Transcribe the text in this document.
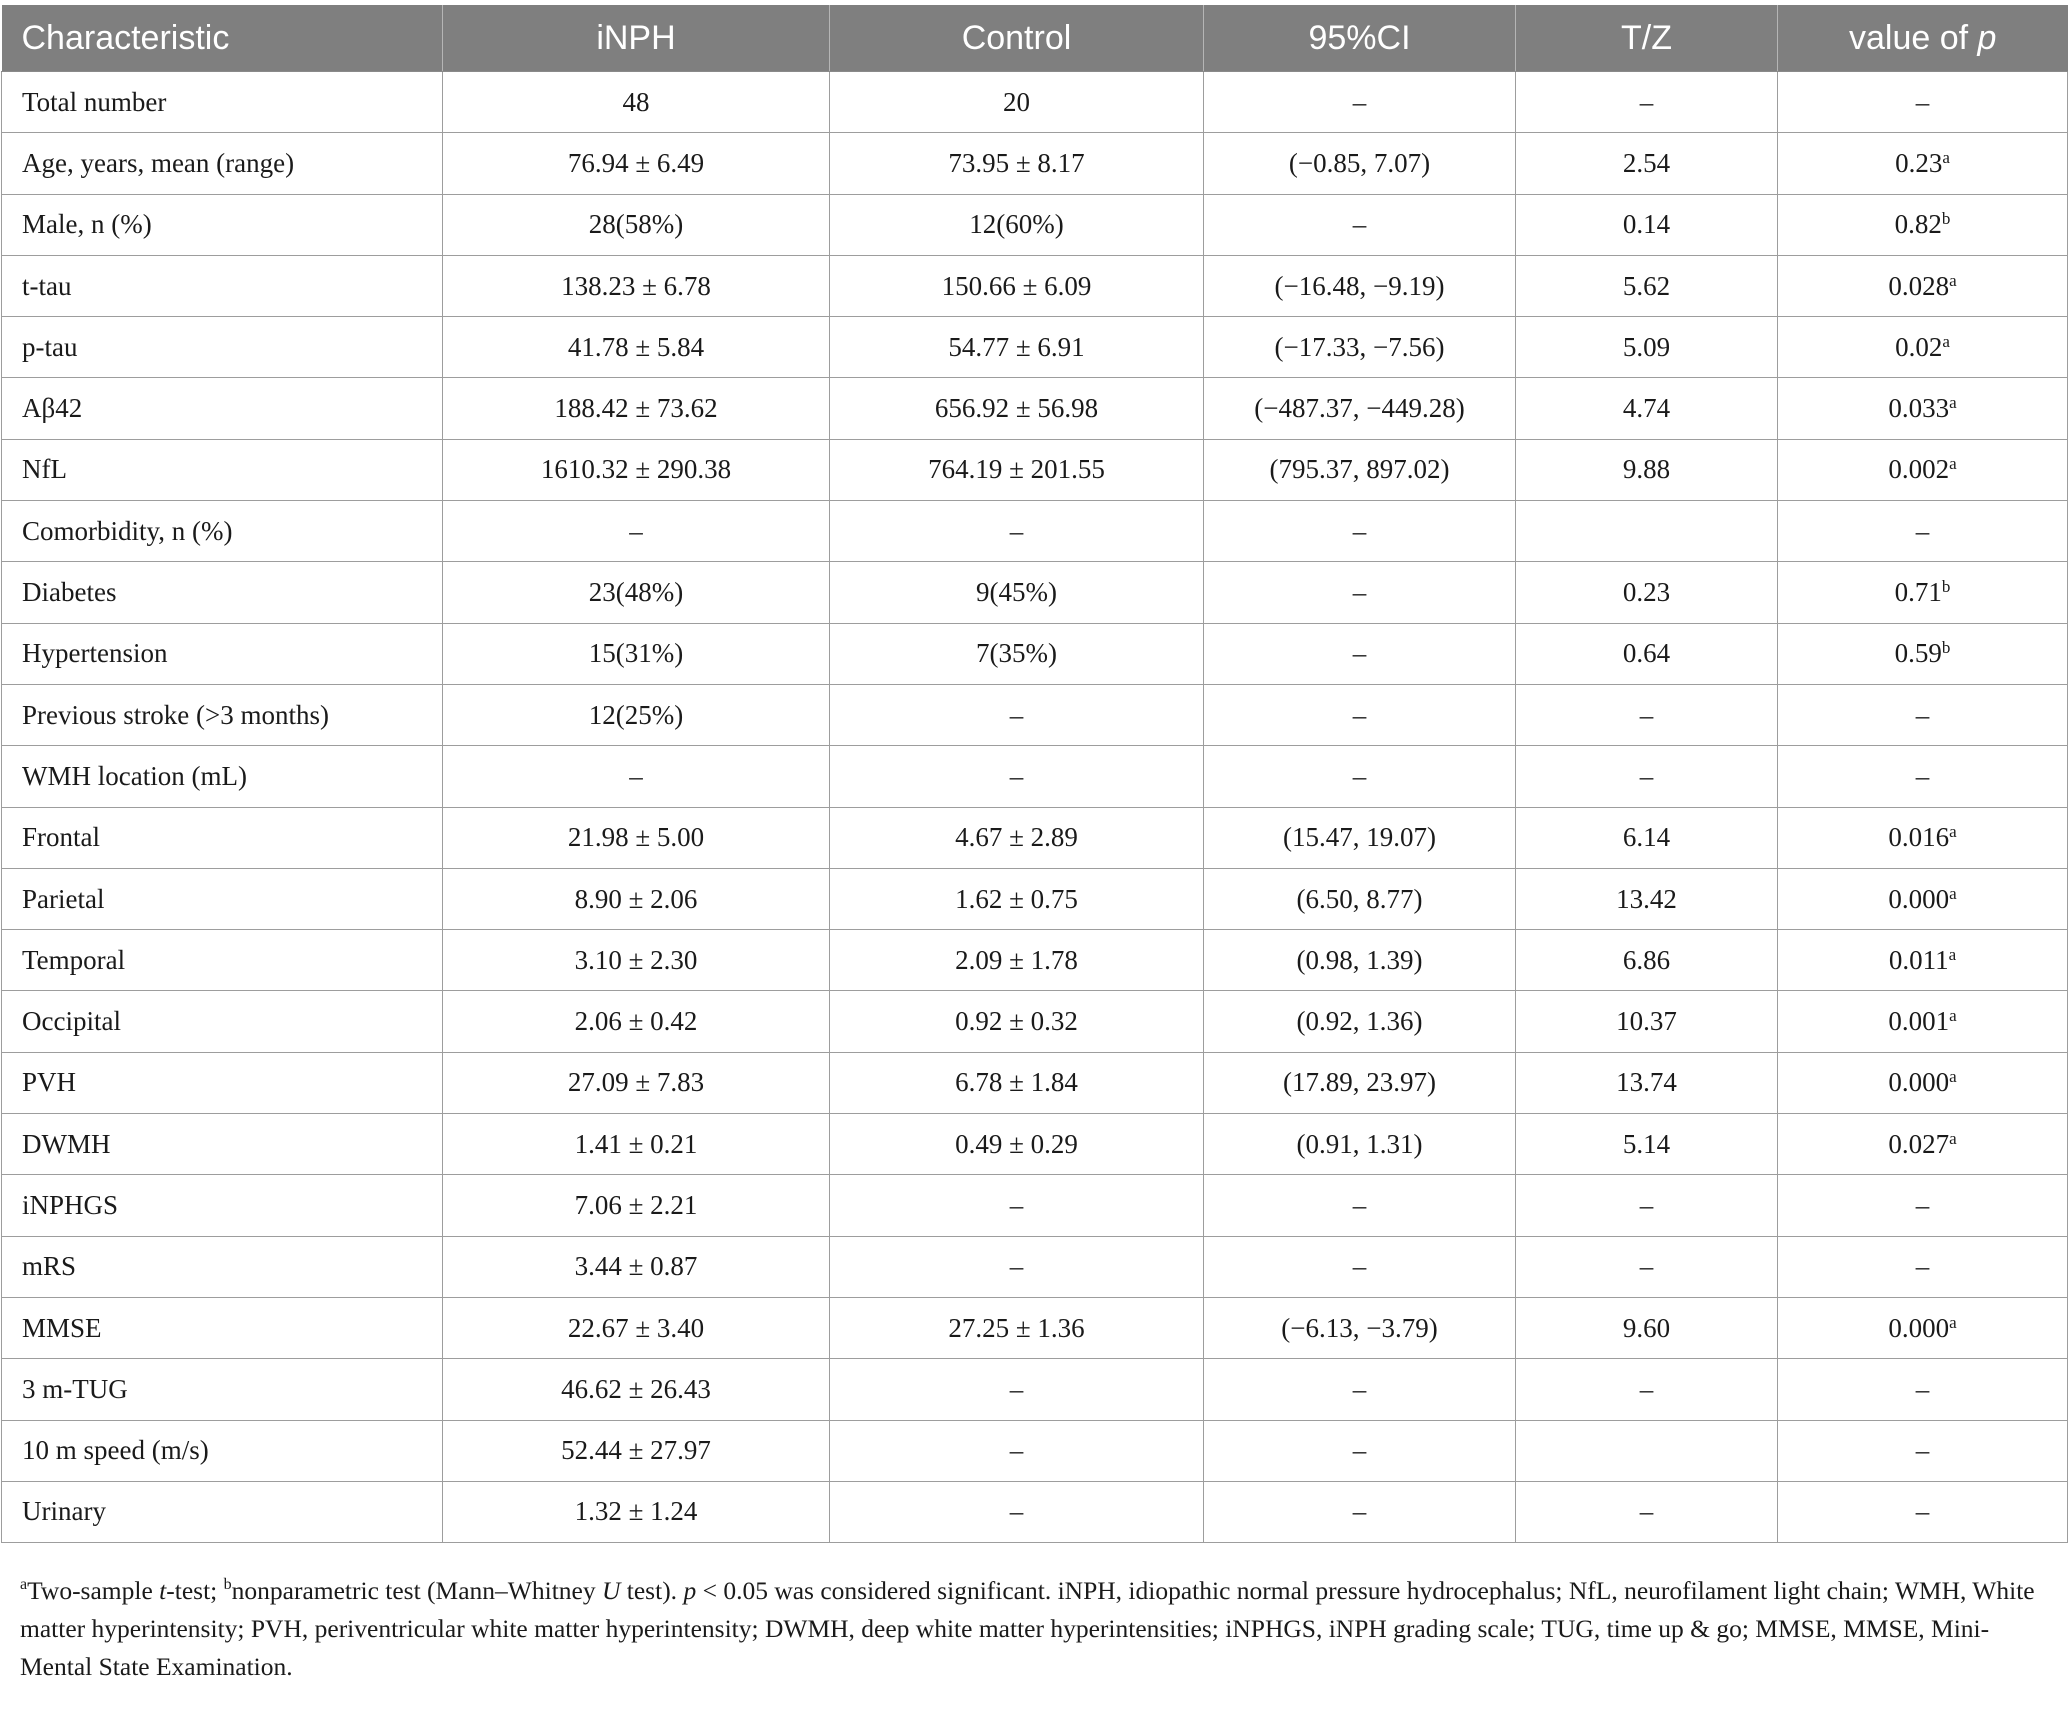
Characteristic	iNPH	Control	95%CI	T/Z	value of p
Total number	48	20	–	–	–
Age, years, mean (range)	76.94 ± 6.49	73.95 ± 8.17	(−0.85, 7.07)	2.54	0.23$^a$
Male, n (%)	28(58%)	12(60%)	–	0.14	0.82$^b$
t-tau	138.23 ± 6.78	150.66 ± 6.09	(−16.48, −9.19)	5.62	0.028$^a$
p-tau	41.78 ± 5.84	54.77 ± 6.91	(−17.33, −7.56)	5.09	0.02$^a$
Aβ42	188.42 ± 73.62	656.92 ± 56.98	(−487.37, −449.28)	4.74	0.033$^a$
NfL	1610.32 ± 290.38	764.19 ± 201.55	(795.37, 897.02)	9.88	0.002$^a$
Comorbidity, n (%)	–	–	–		–
Diabetes	23(48%)	9(45%)	–	0.23	0.71$^b$
Hypertension	15(31%)	7(35%)	–	0.64	0.59$^b$
Previous stroke (>3 months)	12(25%)	–	–	–	–
WMH location (mL)	–	–	–	–	–
Frontal	21.98 ± 5.00	4.67 ± 2.89	(15.47, 19.07)	6.14	0.016$^a$
Parietal	8.90 ± 2.06	1.62 ± 0.75	(6.50, 8.77)	13.42	0.000$^a$
Temporal	3.10 ± 2.30	2.09 ± 1.78	(0.98, 1.39)	6.86	0.011$^a$
Occipital	2.06 ± 0.42	0.92 ± 0.32	(0.92, 1.36)	10.37	0.001$^a$
PVH	27.09 ± 7.83	6.78 ± 1.84	(17.89, 23.97)	13.74	0.000$^a$
DWMH	1.41 ± 0.21	0.49 ± 0.29	(0.91, 1.31)	5.14	0.027$^a$
iNPHGS	7.06 ± 2.21	–	–	–	–
mRS	3.44 ± 0.87	–	–	–	–
MMSE	22.67 ± 3.40	27.25 ± 1.36	(−6.13, −3.79)	9.60	0.000$^a$
3 m-TUG	46.62 ± 26.43	–	–	–	–
10 m speed (m/s)	52.44 ± 27.97	–	–		–
Urinary	1.32 ± 1.24	–	–	–	–
$^a$Two-sample t-test; $^b$nonparametric test (Mann–Whitney U test). p < 0.05 was considered significant. iNPH, idiopathic normal pressure hydrocephalus; NfL, neurofilament light chain; WMH, White matter hyperintensity; PVH, periventricular white matter hyperintensity; DWMH, deep white matter hyperintensities; iNPHGS, iNPH grading scale; TUG, time up & go; MMSE, MMSE, Mini-Mental State Examination.
